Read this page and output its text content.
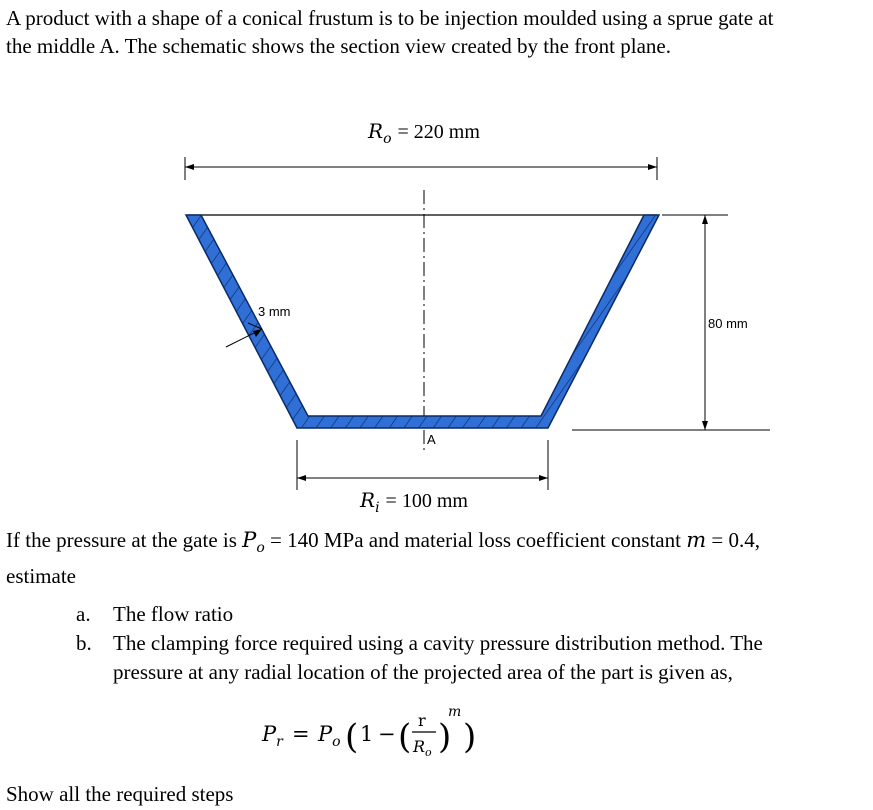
A product with a shape of a conical frustum is to be injection moulded using a sprue gate at
the middle A. The schematic shows the section view created by the front plane.
$R_o = 220$ mm
3 mm
80 mm
A
$R_i = 100$ mm
$P_r = P_o$ ( 1 − ( r
$R_o$ )
m
)
If the pressure at the gate is $P_o = 140$ MPa and material loss coefficient constant m = 0.4,
estimate
a. The flow ratio
b. The clamping force required using a cavity pressure distribution method. The
pressure at any radial location of the projected area of the part is given as,
Show all the required steps
